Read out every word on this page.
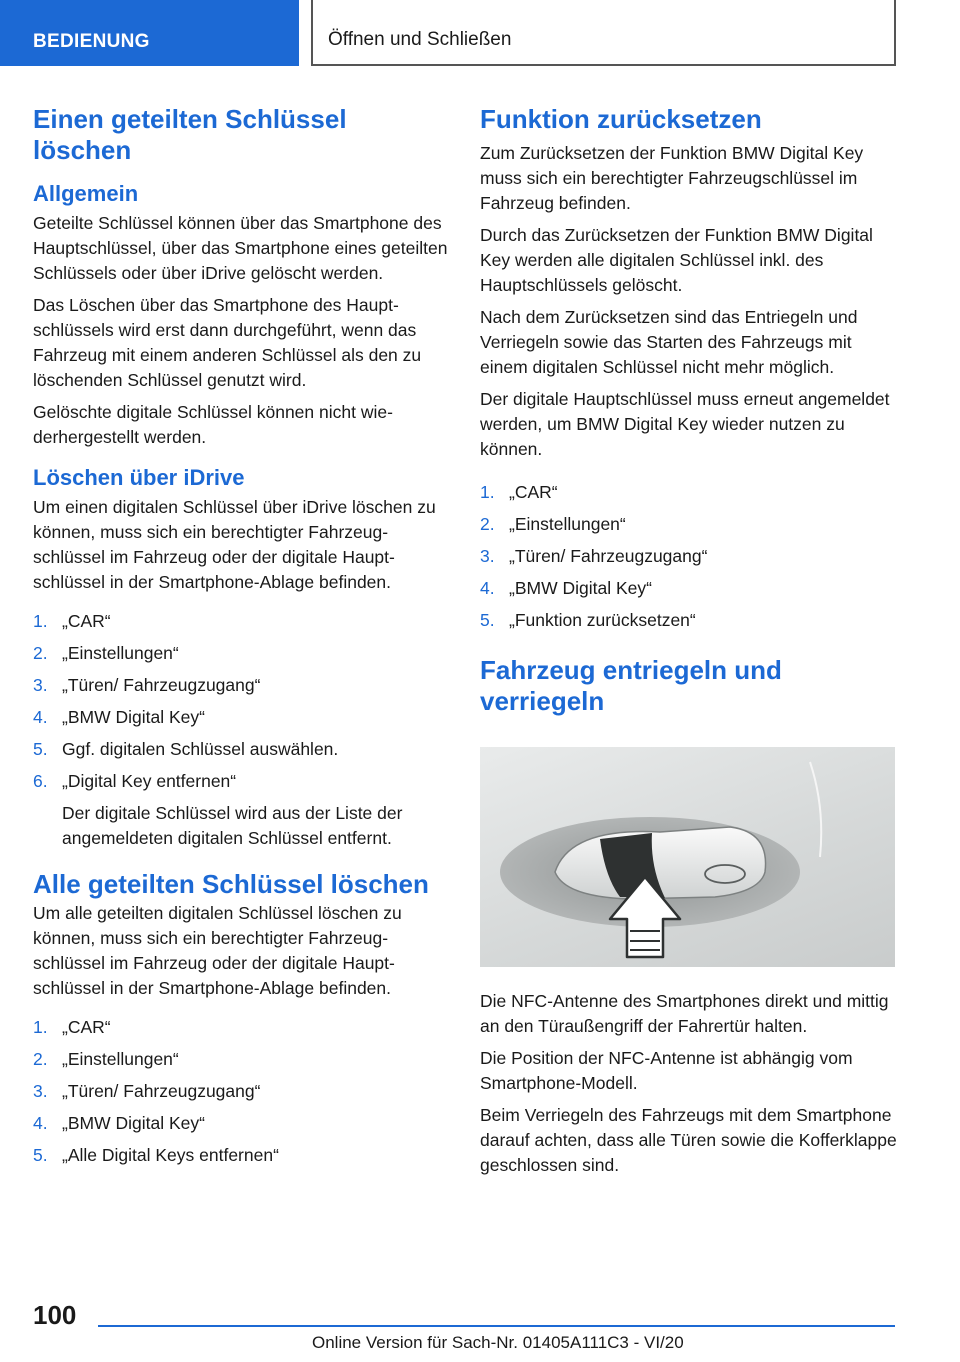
BEDIENUNG	Öffnen und Schließen
Einen geteilten Schlüssel löschen
Allgemein

Geteilte Schlüssel können über das Smartphone des Hauptschlüssel, über das Smartphone eines geteilten Schlüssels oder über iDrive gelöscht werden.

Das Löschen über das Smartphone des Hauptschlüssels wird erst dann durchgeführt, wenn das Fahrzeug mit einem anderen Schlüssel als den zu löschenden Schlüssel genutzt wird.

Gelöschte digitale Schlüssel können nicht wiederhergestellt werden.

Löschen über iDrive

Um einen digitalen Schlüssel über iDrive löschen zu können, muss sich ein berechtigter Fahrzeugschlüssel im Fahrzeug oder der digitale Hauptschlüssel in der Smartphone-Ablage befinden.

1. „CAR“
2. „Einstellungen“
3. „Türen/ Fahrzeugzugang“
4. „BMW Digital Key“
5. Ggf. digitalen Schlüssel auswählen.
6. „Digital Key entfernen“
Der digitale Schlüssel wird aus der Liste der angemeldeten digitalen Schlüssel entfernt.
Alle geteilten Schlüssel löschen

Um alle geteilten digitalen Schlüssel löschen zu können, muss sich ein berechtigter Fahrzeugschlüssel im Fahrzeug oder der digitale Hauptschlüssel in der Smartphone-Ablage befinden.

1. „CAR“
2. „Einstellungen“
3. „Türen/ Fahrzeugzugang“
4. „BMW Digital Key“
5. „Alle Digital Keys entfernen“
Funktion zurücksetzen

Zum Zurücksetzen der Funktion BMW Digital Key muss sich ein berechtigter Fahrzeugschlüssel im Fahrzeug befinden.

Durch das Zurücksetzen der Funktion BMW Digital Key werden alle digitalen Schlüssel inkl. des Hauptschlüssels gelöscht.

Nach dem Zurücksetzen sind das Entriegeln und Verriegeln sowie das Starten des Fahrzeugs mit einem digitalen Schlüssel nicht mehr möglich.

Der digitale Hauptschlüssel muss erneut angemeldet werden, um BMW Digital Key wieder nutzen zu können.

1. „CAR“
2. „Einstellungen“
3. „Türen/ Fahrzeugzugang“
4. „BMW Digital Key“
5. „Funktion zurücksetzen“
Fahrzeug entriegeln und verriegeln

Die NFC-Antenne des Smartphones direkt und mittig an den Türaußengriff der Fahrertür halten.

Die Position der NFC-Antenne ist abhängig vom Smartphone-Modell.

Beim Verriegeln des Fahrzeugs mit dem Smartphone darauf achten, dass alle Türen sowie die Kofferklappe geschlossen sind.

100
Online Version für Sach-Nr. 01405A111C3 - VI/20
